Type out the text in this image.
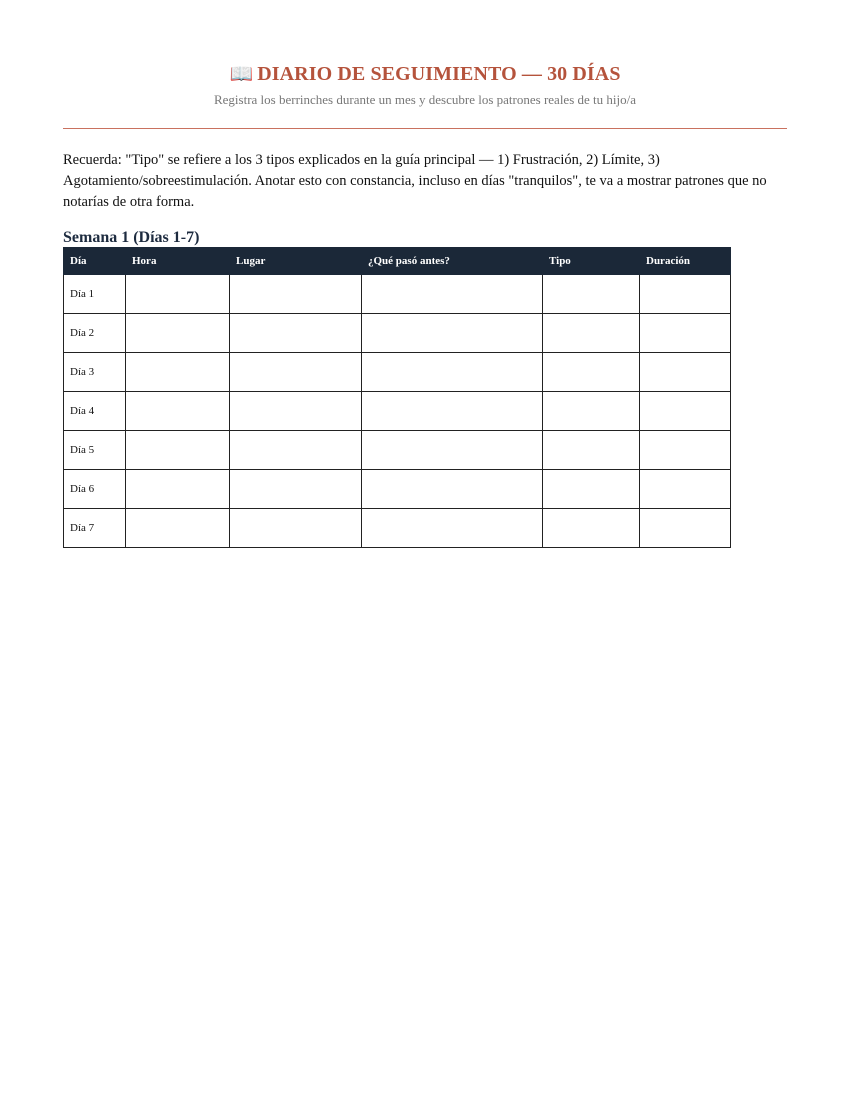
📖 DIARIO DE SEGUIMIENTO — 30 DÍAS
Registra los berrinches durante un mes y descubre los patrones reales de tu hijo/a

Recuerda: "Tipo" se refiere a los 3 tipos explicados en la guía principal — 1) Frustración, 2) Límite, 3) Agotamiento/sobreestimulación. Anotar esto con constancia, incluso en días "tranquilos", te va a mostrar patrones que no notarías de otra forma.

Semana 1 (Días 1-7)
Día	Hora	Lugar	¿Qué pasó antes?	Tipo	Duración
Día 1					
Día 2					
Día 3					
Día 4					
Día 5					
Día 6					
Día 7					
